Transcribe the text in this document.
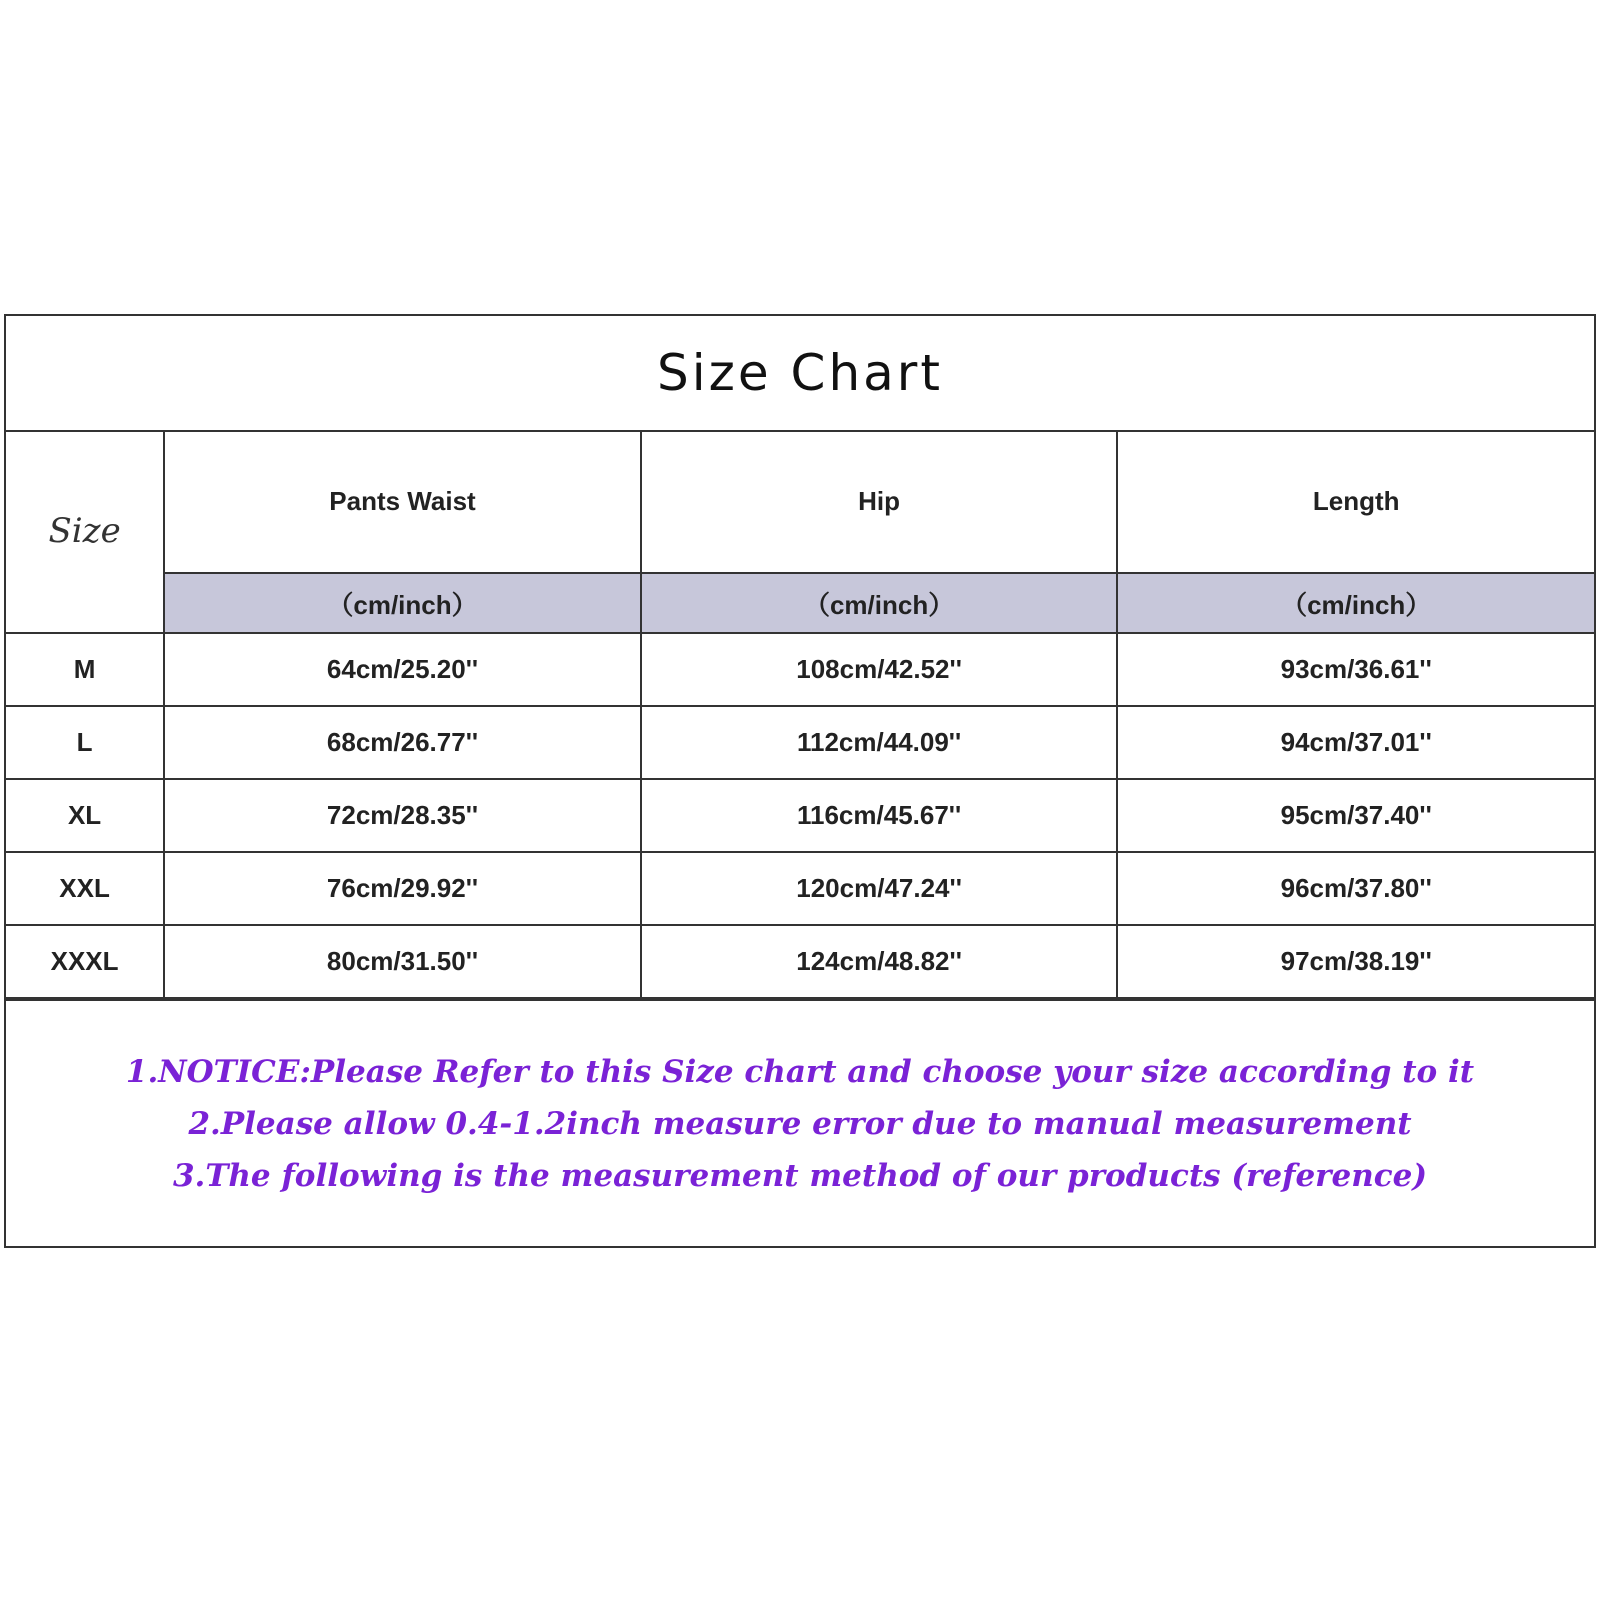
Size Chart
Size	Pants Waist	Hip	Length
	（cm/inch）	（cm/inch）	（cm/inch）
M	64cm/25.20''	108cm/42.52''	93cm/36.61''
L	68cm/26.77''	112cm/44.09''	94cm/37.01''
XL	72cm/28.35''	116cm/45.67''	95cm/37.40''
XXL	76cm/29.92''	120cm/47.24''	96cm/37.80''
XXXL	80cm/31.50''	124cm/48.82''	97cm/38.19''
1.NOTICE:Please Refer to this Size chart and choose your size according to it
2.Please allow 0.4-1.2inch measure error due to manual measurement
3.The following is the measurement method of our products (reference)
